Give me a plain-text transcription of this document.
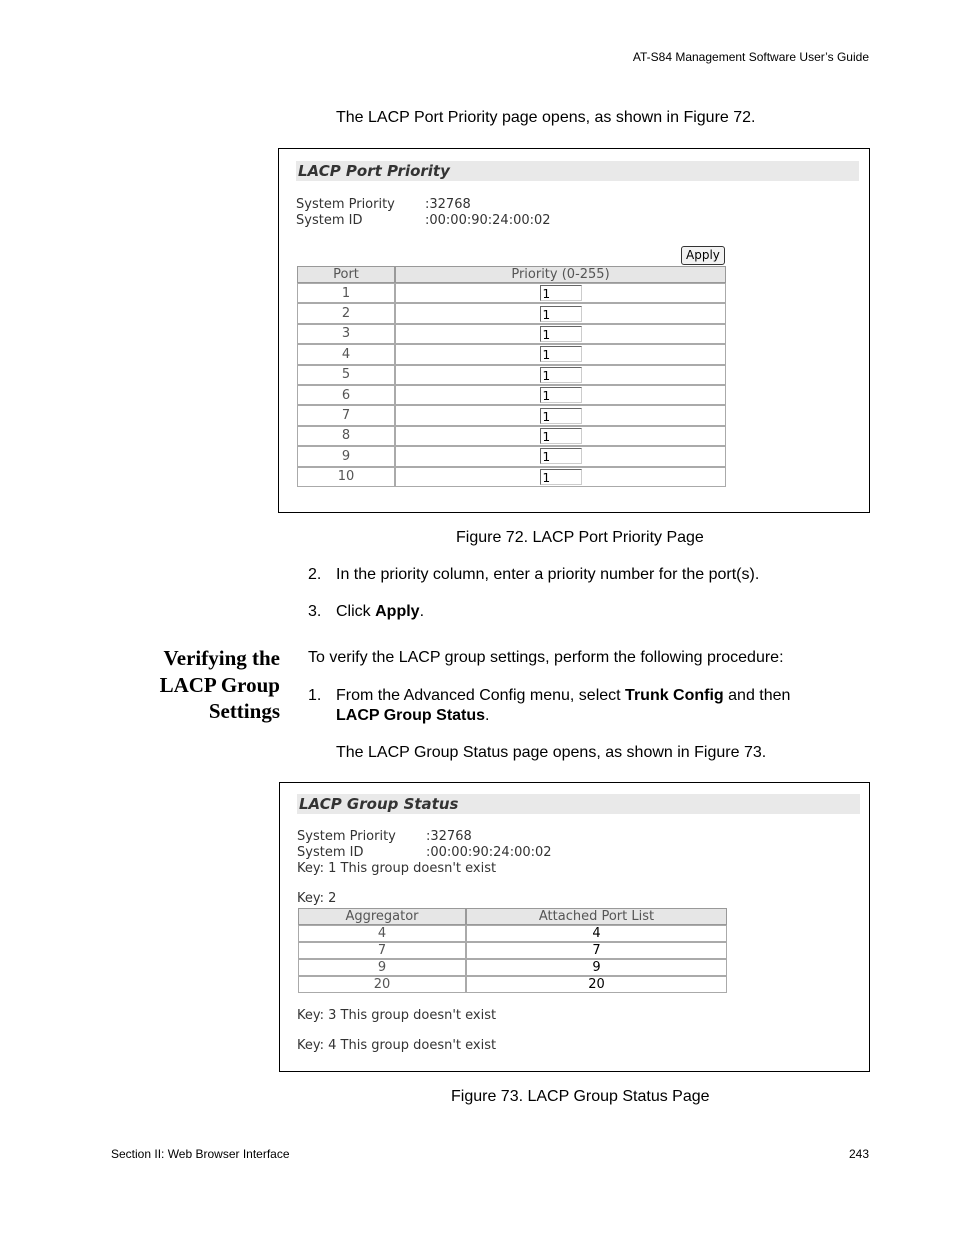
AT-S84 Management Software User’s Guide
The LACP Port Priority page opens, as shown in Figure 72.
LACP Port Priority
System Priority :32768
System ID	:00:00:90:24:00:02
Apply
Port	Priority (0-255)
1	1
2	1
3	1
4	1
5	1
6	1
7	1
8	1
9	1
10	1
Figure 72. LACP Port Priority Page
2. In the priority column, enter a priority number for the port(s).
3. Click Apply.
Verifying the
LACP Group
Settings
To verify the LACP group settings, perform the following procedure:
1. From the Advanced Config menu, select Trunk Config and then
LACP Group Status.
The LACP Group Status page opens, as shown in Figure 73.
LACP Group Status
System Priority :32768
System ID	:00:00:90:24:00:02
Key: 1 This group doesn't exist
Key: 2
Aggregator	Attached Port List
4	4
7	7
9	9
20	20
Key: 3 This group doesn't exist
Key: 4 This group doesn't exist
Figure 73. LACP Group Status Page
Section II: Web Browser Interface	243
